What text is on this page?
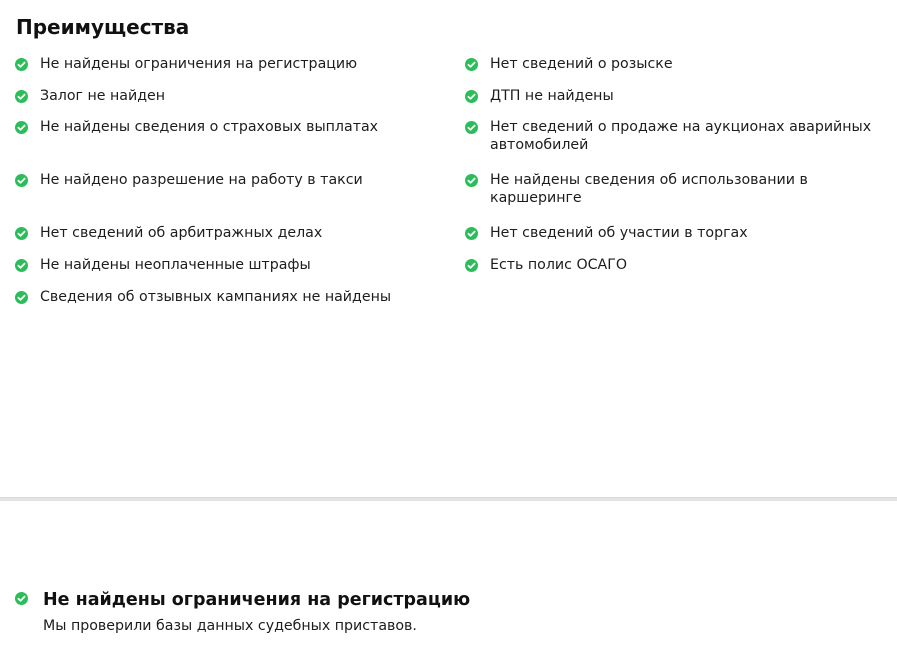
Преимущества
Не найдены ограничения на регистрацию
Залог не найден
Не найдены сведения о страховых выплатах
Не найдено разрешение на работу в такси
Нет сведений об арбитражных делах
Не найдены неоплаченные штрафы
Сведения об отзывных кампаниях не найдены
Нет сведений о розыске
ДТП не найдены
Нет сведений о продаже на аукционах аварийных автомобилей
Не найдены сведения об использовании в каршеринге
Нет сведений об участии в торгах
Есть полис ОСАГО
Не найдены ограничения на регистрацию

Мы проверили базы данных судебных приставов.
